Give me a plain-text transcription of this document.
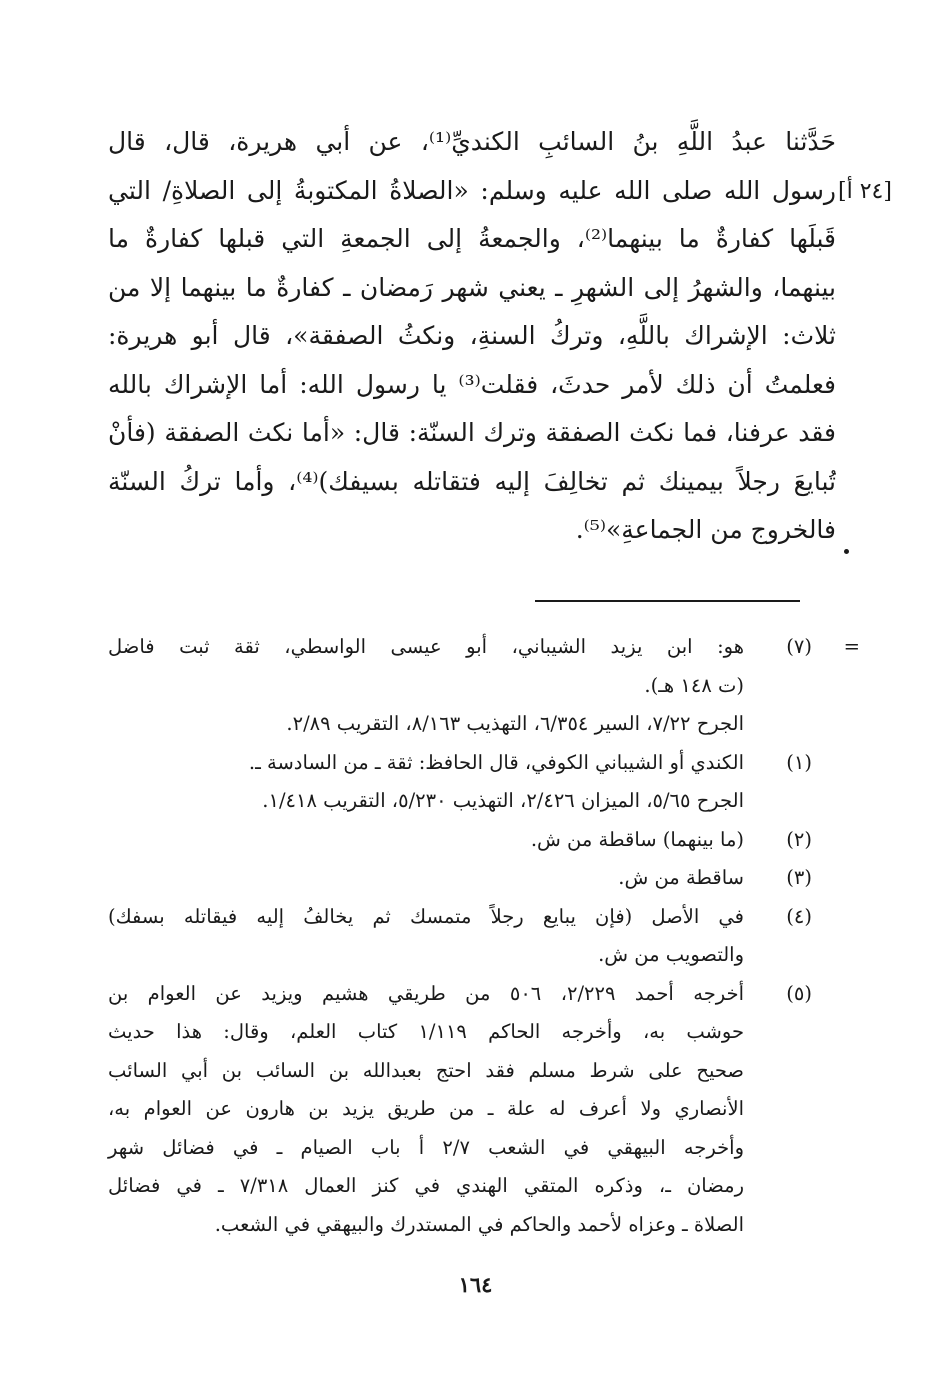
[٢٤ أ]

حَدَّثنا عبدُ اللَّهِ بنُ السائبِ الكنديِّ⁽¹⁾، عن أبي هريرة، قال، قال
رسول الله صلى الله عليه وسلم: «الصلاةُ المكتوبةُ إلى الصلاةِ/ التي
قَبلَها كفارةٌ ما بينهما⁽²⁾، والجمعةُ إلى الجمعةِ التي قبلها كفارةٌ ما
بينهما، والشهرُ إلى الشهرِ ـ يعني شهر رَمضان ـ كفارةٌ ما بينهما إلا من
ثلاث: الإشراك باللَّهِ، وتركُ السنةِ، ونكثُ الصفقة»، قال أبو هريرة:
فعلمتُ أن ذلك لأمر حدثَ، فقلت⁽³⁾ يا رسول الله: أما الإشراك بالله
فقد عرفنا، فما نكث الصفقة وترك السنّة: قال: «أما نكث الصفقة (فأنْ
تُبايعَ رجلاً بيمينك ثم تخالِفَ إليه فتقاتله بسيفك)⁽⁴⁾، وأما تركُ السنّة
فالخروج من الجماعةِ»⁽⁵⁾.

=
(٧)
هو: ابن يزيد الشيباني، أبو عيسى الواسطي، ثقة ثبت فاضل
(ت ١٤٨ هـ).
الجرح ٧/٢٢، السير ٦/٣٥٤، التهذيب ٨/١٦٣، التقريب ٢/٨٩.
(١)
الكندي أو الشيباني الكوفي، قال الحافظ: ثقة ـ من السادسة ـ.
الجرح ٥/٦٥، الميزان ٢/٤٢٦، التهذيب ٥/٢٣٠، التقريب ١/٤١٨.
(٢)
(ما بينهما) ساقطة من ش.
(٣)
ساقطة من ش.
(٤)
في الأصل (فإن يبايع رجلاً متمسك ثم يخالفُ إليه فيقاتله بسفك)
والتصويب من ش.
(٥)
أخرجه أحمد ٢/٢٢٩، ٥٠٦ من طريقي هشيم ويزيد عن العوام بن
حوشب به، وأخرجه الحاكم ١/١١٩ كتاب العلم، وقال: هذا حديث
صحيح على شرط مسلم فقد احتج بعبدالله بن السائب بن أبي السائب
الأنصاري ولا أعرف له علة ـ من طريق يزيد بن هارون عن العوام به،
وأخرجه البيهقي في الشعب ٢/٧ أ باب الصيام ـ في فضائل شهر
رمضان ـ، وذكره المتقي الهندي في كنز العمال ٧/٣١٨ ـ في فضائل
الصلاة ـ وعزاه لأحمد والحاكم في المستدرك والبيهقي في الشعب.
١٦٤
